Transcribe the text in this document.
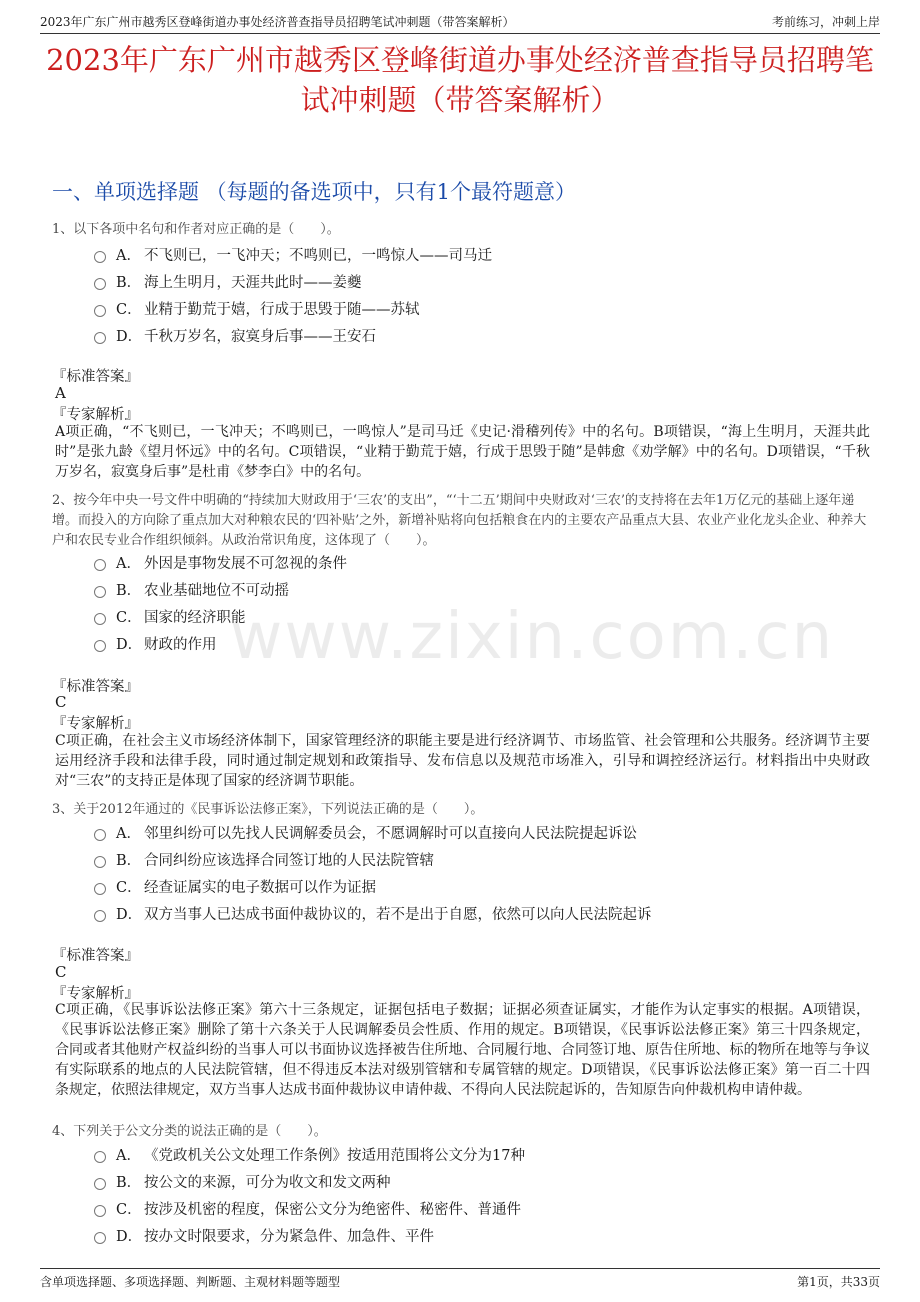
2023年广东广州市越秀区登峰街道办事处经济普查指导员招聘笔试冲刺题（带答案解析）	考前练习，冲刺上岸
2023年广东广州市越秀区登峰街道办事处经济普查指导员招聘笔试冲刺题（带答案解析）
一、单项选择题 （每题的备选项中，只有1个最符题意）
www.zixin.com.cn
1、以下各项中名句和作者对应正确的是（　　）。
A． 不飞则已，一飞冲天；不鸣则已，一鸣惊人——司马迁
B． 海上生明月，天涯共此时——姜夔
C． 业精于勤荒于嬉，行成于思毁于随——苏轼
D． 千秋万岁名，寂寞身后事——王安石
『标准答案』
A
『专家解析』
A项正确，“不飞则已，一飞冲天；不鸣则已，一鸣惊人”是司马迁《史记·滑稽列传》中的名句。B项错误，“海上生明月，天涯共此时”是张九龄《望月怀远》中的名句。C项错误，“业精于勤荒于嬉，行成于思毁于随”是韩愈《劝学解》中的名句。D项错误，“千秋万岁名，寂寞身后事”是杜甫《梦李白》中的名句。
2、按今年中央一号文件中明确的“持续加大财政用于‘三农’的支出”，“‘十二五’期间中央财政对‘三农’的支持将在去年1万亿元的基础上逐年递增。而投入的方向除了重点加大对种粮农民的‘四补贴’之外，新增补贴将向包括粮食在内的主要农产品重点大县、农业产业化龙头企业、种养大户和农民专业合作组织倾斜。从政治常识角度，这体现了（　　）。
A． 外因是事物发展不可忽视的条件
B． 农业基础地位不可动摇
C． 国家的经济职能
D． 财政的作用
『标准答案』
C
『专家解析』
C项正确，在社会主义市场经济体制下，国家管理经济的职能主要是进行经济调节、市场监管、社会管理和公共服务。经济调节主要运用经济手段和法律手段，同时通过制定规划和政策指导、发布信息以及规范市场准入，引导和调控经济运行。材料指出中央财政对“三农”的支持正是体现了国家的经济调节职能。
3、关于2012年通过的《民事诉讼法修正案》，下列说法正确的是（　　）。
A． 邻里纠纷可以先找人民调解委员会，不愿调解时可以直接向人民法院提起诉讼
B． 合同纠纷应该选择合同签订地的人民法院管辖
C． 经查证属实的电子数据可以作为证据
D． 双方当事人已达成书面仲裁协议的，若不是出于自愿，依然可以向人民法院起诉
『标准答案』
C
『专家解析』
C项正确，《民事诉讼法修正案》第六十三条规定，证据包括电子数据；证据必须查证属实，才能作为认定事实的根据。A项错误，《民事诉讼法修正案》删除了第十六条关于人民调解委员会性质、作用的规定。B项错误，《民事诉讼法修正案》第三十四条规定，合同或者其他财产权益纠纷的当事人可以书面协议选择被告住所地、合同履行地、合同签订地、原告住所地、标的物所在地等与争议有实际联系的地点的人民法院管辖，但不得违反本法对级别管辖和专属管辖的规定。D项错误，《民事诉讼法修正案》第一百二十四条规定，依照法律规定，双方当事人达成书面仲裁协议申请仲裁、不得向人民法院起诉的，告知原告向仲裁机构申请仲裁。
4、下列关于公文分类的说法正确的是（　　）。
A． 《党政机关公文处理工作条例》按适用范围将公文分为17种
B． 按公文的来源，可分为收文和发文两种
C． 按涉及机密的程度，保密公文分为绝密件、秘密件、普通件
D． 按办文时限要求，分为紧急件、加急件、平件
含单项选择题、多项选择题、判断题、主观材料题等题型	第1页，共33页
